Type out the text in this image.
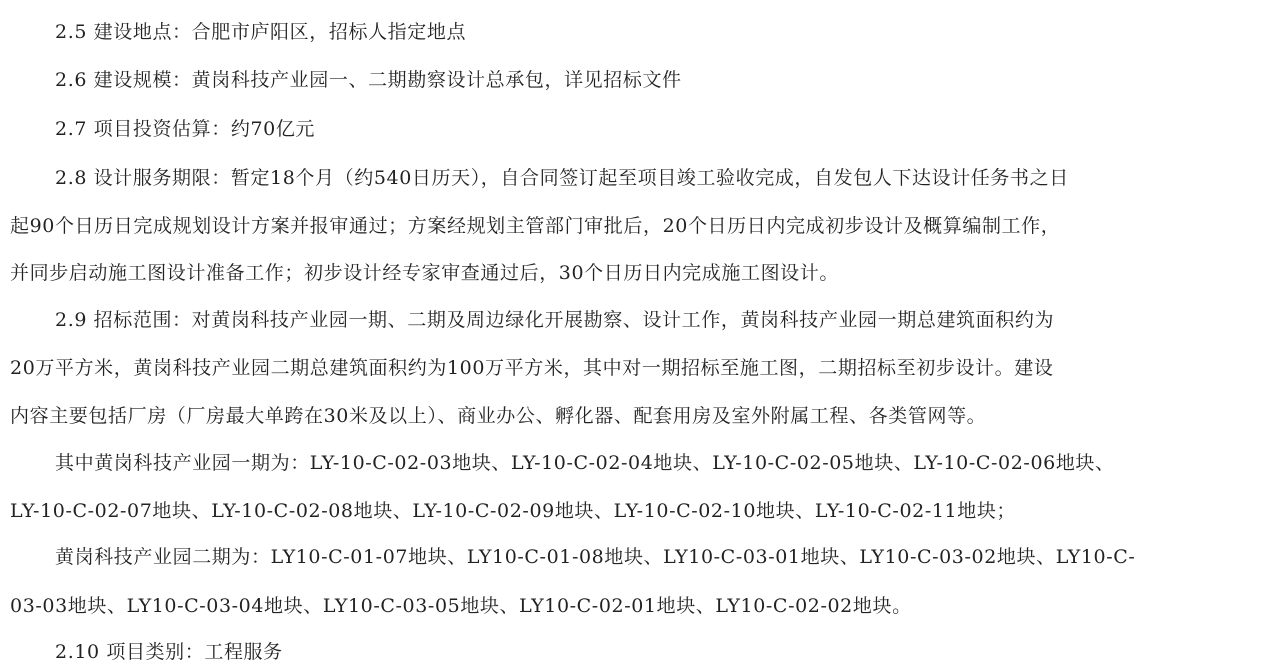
2.5 建设地点：合肥市庐阳区，招标人指定地点
2.6 建设规模：黄岗科技产业园一、二期勘察设计总承包，详见招标文件
2.7 项目投资估算：约70亿元
2.8 设计服务期限：暂定18个月（约540日历天），自合同签订起至项目竣工验收完成，自发包人下达设计任务书之日
起90个日历日完成规划设计方案并报审通过；方案经规划主管部门审批后，20个日历日内完成初步设计及概算编制工作，
并同步启动施工图设计准备工作；初步设计经专家审查通过后，30个日历日内完成施工图设计。
2.9 招标范围：对黄岗科技产业园一期、二期及周边绿化开展勘察、设计工作，黄岗科技产业园一期总建筑面积约为
20万平方米，黄岗科技产业园二期总建筑面积约为100万平方米，其中对一期招标至施工图，二期招标至初步设计。建设
内容主要包括厂房（厂房最大单跨在30米及以上）、商业办公、孵化器、配套用房及室外附属工程、各类管网等。
其中黄岗科技产业园一期为：LY-10-C-02-03地块、LY-10-C-02-04地块、LY-10-C-02-05地块、LY-10-C-02-06地块、
LY-10-C-02-07地块、LY-10-C-02-08地块、LY-10-C-02-09地块、LY-10-C-02-10地块、LY-10-C-02-11地块；
黄岗科技产业园二期为：LY10-C-01-07地块、LY10-C-01-08地块、LY10-C-03-01地块、LY10-C-03-02地块、LY10-C-
03-03地块、LY10-C-03-04地块、LY10-C-03-05地块、LY10-C-02-01地块、LY10-C-02-02地块。
2.10 项目类别：工程服务
